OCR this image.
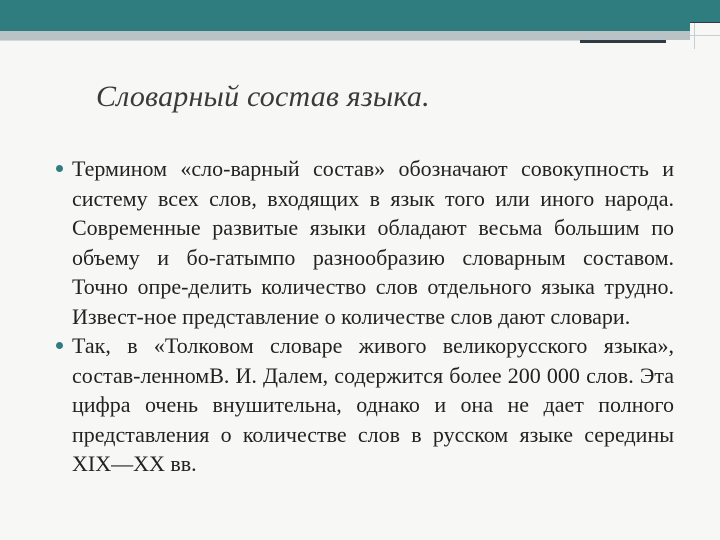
Словарный состав языка.
Термином «сло-варный состав» обозначают совокупность и систему всех слов, входящих в язык того или иного народа. Современные развитые языки обладают весьма большим по объему и бо-гатымпо разнообразию словарным составом. Точно опре-делить количество слов отдельного языка трудно. Извест-ное представление о количестве слов дают словари.
Так, в «Толковом словаре живого великорусского языка», состав-ленномВ. И. Далем, содержится более 200 000 слов. Эта цифра очень внушительна, однако и она не дает полного представления о количестве слов в русском языке середины XIX—XX вв.
